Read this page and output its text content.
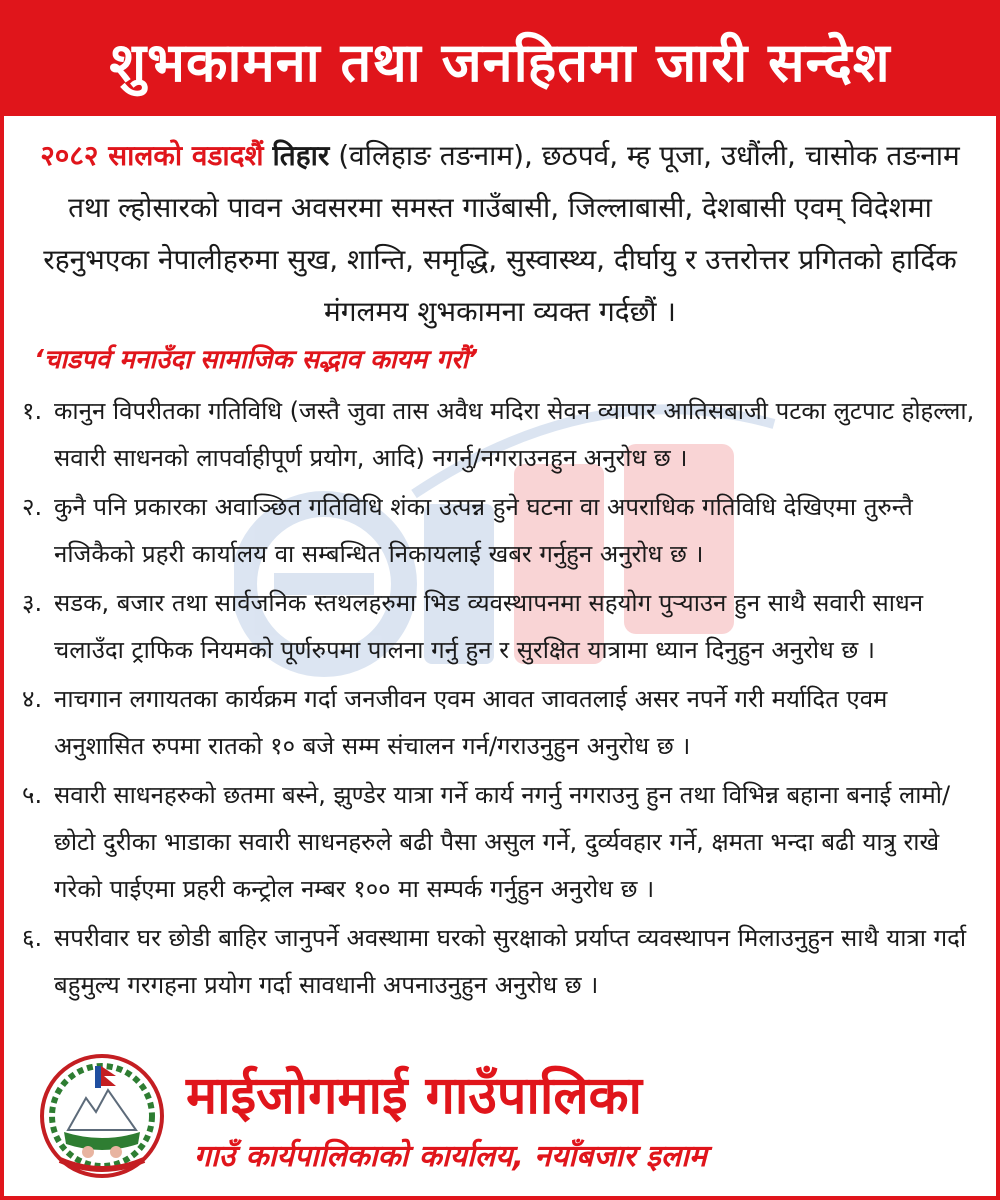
शुभकामना तथा जनहितमा जारी सन्देश
२०८२ सालको वडादशैं तिहार (वलिहाङ तङनाम), छठपर्व, म्ह पूजा, उधौंली, चासोक तङनाम तथा ल्होसारको पावन अवसरमा समस्त गाउँबासी, जिल्लाबासी, देशबासी एवम् विदेशमा रहनुभएका नेपालीहरुमा सुख, शान्ति, समृद्धि, सुस्वास्थ्य, दीर्घायु र उत्तरोत्तर प्रगितको हार्दिक मंगलमय शुभकामना व्यक्त गर्दछौं ।
‘चाडपर्व मनाउँदा सामाजिक सद्भाव कायम गरौं’
१. कानुन विपरीतका गतिविधि (जस्तै जुवा तास अवैध मदिरा सेवन व्यापार आतिसबाजी पटका लुटपाट होहल्ला, सवारी साधनको लापर्वाहीपूर्ण प्रयोग, आदि) नगर्नु/नगराउनहुन अनुरोध छ ।
२. कुनै पनि प्रकारका अवाञ्छित गतिविधि शंका उत्पन्न हुने घटना वा अपराधिक गतिविधि देखिएमा तुरुन्तै नजिकैको प्रहरी कार्यालय वा सम्बन्धित निकायलाई खबर गर्नुहुन अनुरोध छ ।
३. सडक, बजार तथा सार्वजनिक स्तथलहरुमा भिड व्यवस्थापनमा सहयोग पुऱ्याउन हुन साथै सवारी साधन चलाउँदा ट्राफिक नियमको पूर्णरुपमा पालना गर्नु हुन र सुरक्षित यात्रामा ध्यान दिनुहुन अनुरोध छ ।
४. नाचगान लगायतका कार्यक्रम गर्दा जनजीवन एवम आवत जावतलाई असर नपर्ने गरी मर्यादित एवम अनुशासित रुपमा रातको १० बजे सम्म संचालन गर्न/गराउनुहुन अनुरोध छ ।
५. सवारी साधनहरुको छतमा बस्ने, झुण्डेर यात्रा गर्ने कार्य नगर्नु नगराउनु हुन तथा विभिन्न बहाना बनाई लामो/छोटो दुरीका भाडाका सवारी साधनहरुले बढी पैसा असुल गर्ने, दुर्व्यवहार गर्ने, क्षमता भन्दा बढी यात्रु राखे गरेको पाईएमा प्रहरी कन्ट्रोल नम्बर १०० मा सम्पर्क गर्नुहुन अनुरोध छ ।
६. सपरीवार घर छोडी बाहिर जानुपर्ने अवस्थामा घरको सुरक्षाको प्रर्याप्त व्यवस्थापन मिलाउनुहुन साथै यात्रा गर्दा बहुमुल्य गरगहना प्रयोग गर्दा सावधानी अपनाउनुहुन अनुरोध छ ।
माईजोगमाई गाउँपालिका
गाउँ कार्यपालिकाको कार्यालय, नयाँबजार इलाम
